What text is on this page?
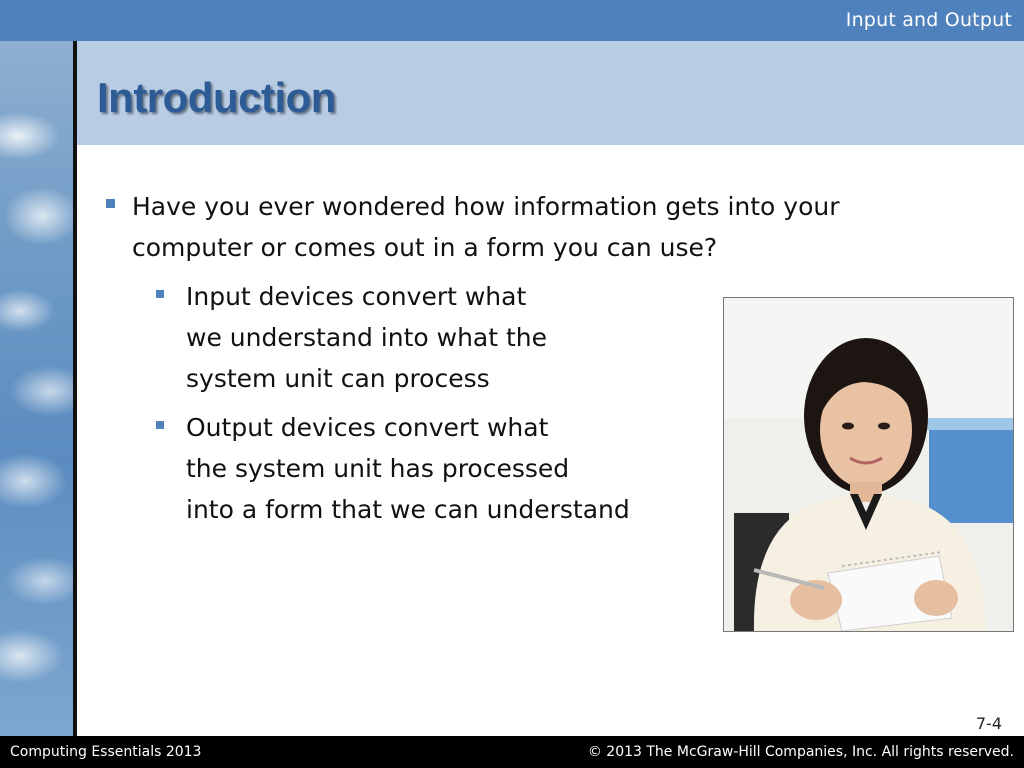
Input and Output
Introduction
Have you ever wondered how information gets into your computer or comes out in a form you can use?
Input devices convert what
we understand into what the
system unit can process
Output devices convert what
the system unit has processed
into a form that we can understand
7-4
Computing Essentials 2013	© 2013 The McGraw-Hill Companies, Inc. All rights reserved.
